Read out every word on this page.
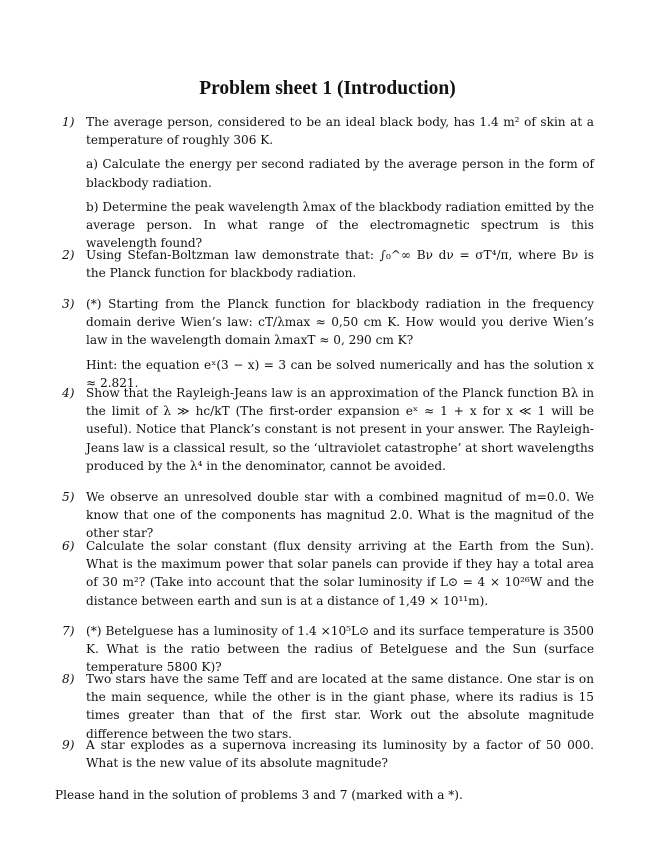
Problem sheet 1 (Introduction)
1) The average person, considered to be an ideal black body, has 1.4 m² of skin at a temperature of roughly 306 K.

a) Calculate the energy per second radiated by the average person in the form of blackbody radiation.

b) Determine the peak wavelength λmax of the blackbody radiation emitted by the average person. In what range of the electromagnetic spectrum is this wavelength found?

2) Using Stefan-Boltzman law demonstrate that: ∫₀^∞ Bν dν = σT⁴/π, where Bν is the Planck function for blackbody radiation.

3) (*) Starting from the Planck function for blackbody radiation in the frequency domain derive Wien’s law: cT/λmax ≈ 0,50 cm K. How would you derive Wien’s law in the wavelength domain λmaxT ≈ 0, 290 cm K?

Hint: the equation eˣ(3 − x) = 3 can be solved numerically and has the solution x ≈ 2.821.

4) Show that the Rayleigh-Jeans law is an approximation of the Planck function Bλ in the limit of λ ≫ hc/kT (The first-order expansion eˣ ≈ 1 + x for x ≪ 1 will be useful). Notice that Planck’s constant is not present in your answer. The Rayleigh-Jeans law is a classical result, so the ‘ultraviolet catastrophe’ at short wavelengths produced by the λ⁴ in the denominator, cannot be avoided.

5) We observe an unresolved double star with a combined magnitud of m=0.0. We know that one of the components has magnitud 2.0. What is the magnitud of the other star?

6) Calculate the solar constant (flux density arriving at the Earth from the Sun). What is the maximum power that solar panels can provide if they hay a total area of 30 m²? (Take into account that the solar luminosity if L⊙ = 4 × 10²⁶W and the distance between earth and sun is at a distance of 1,49 × 10¹¹m).

7) (*) Betelguese has a luminosity of 1.4 ×10⁵L⊙ and its surface temperature is 3500 K. What is the ratio between the radius of Betelguese and the Sun (surface temperature 5800 K)?

8) Two stars have the same Teff and are located at the same distance. One star is on the main sequence, while the other is in the giant phase, where its radius is 15 times greater than that of the first star. Work out the absolute magnitude difference between the two stars.

9) A star explodes as a supernova increasing its luminosity by a factor of 50 000. What is the new value of its absolute magnitude?

Please hand in the solution of problems 3 and 7 (marked with a *).
